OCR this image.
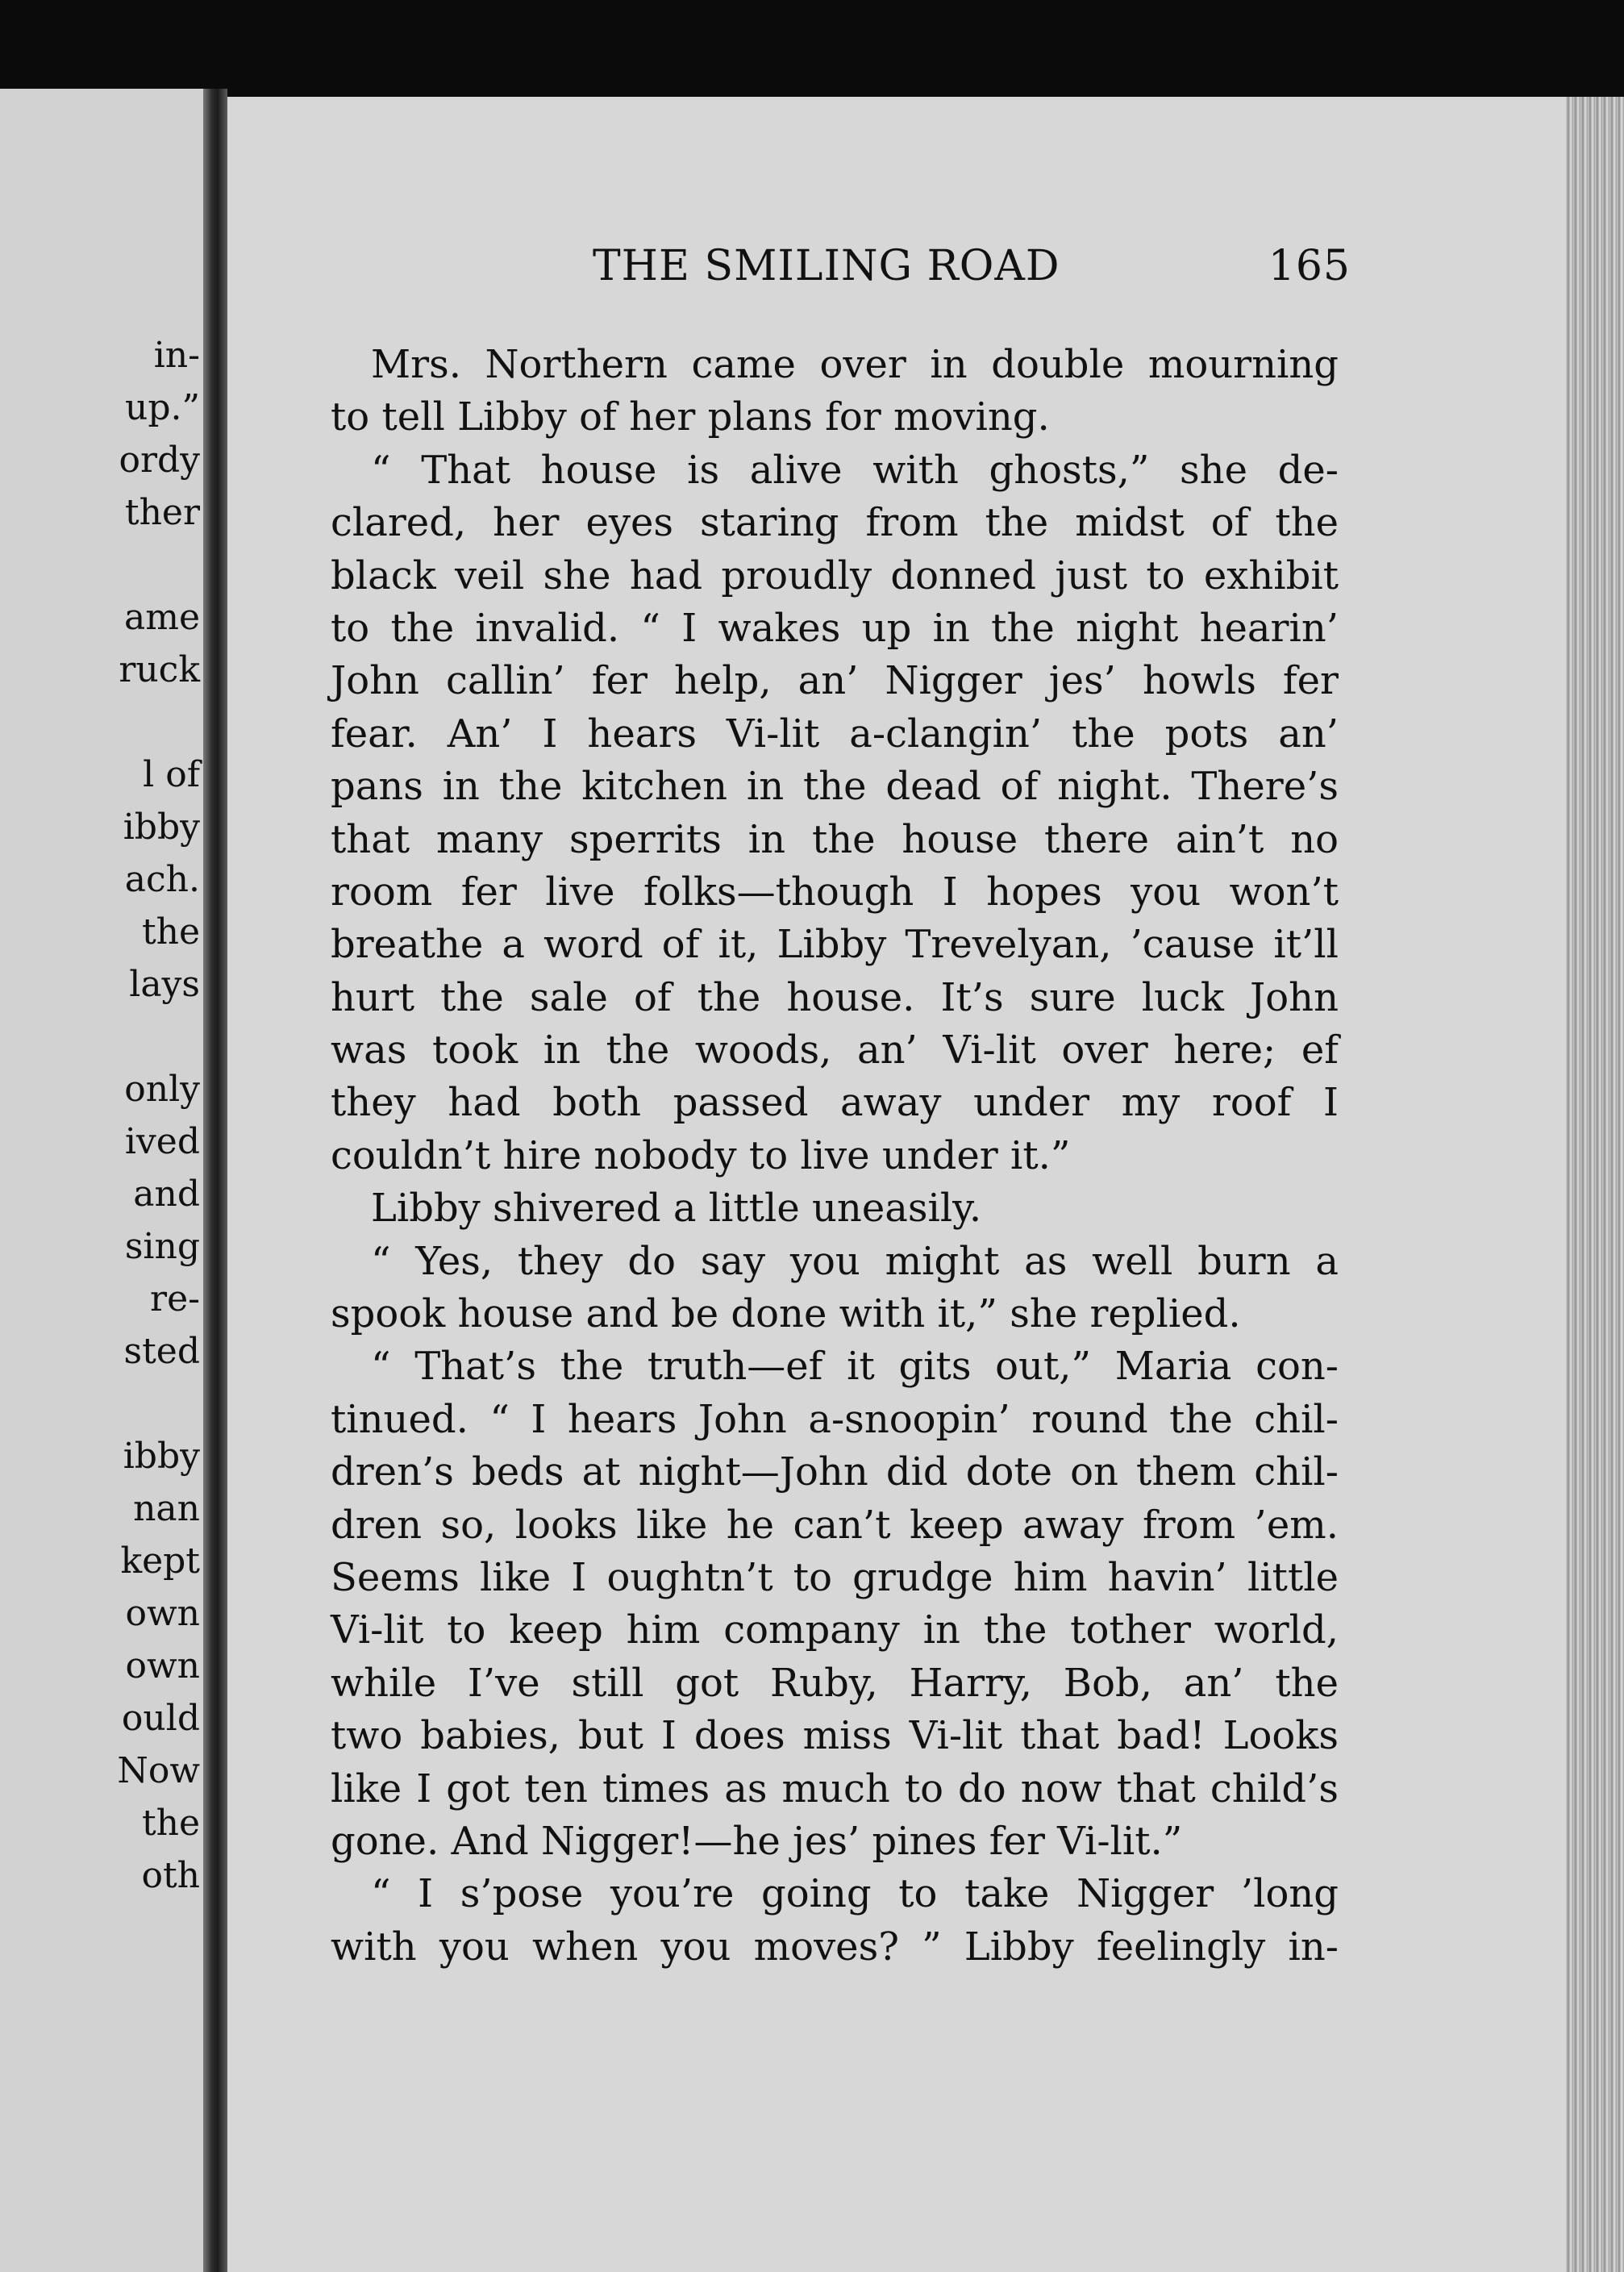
in-
up.”
ordy
ther
ame
ruck
l of
ibby
ach.
the
lays
only
ived
and
sing
re-
sted
ibby
nan
kept
own
own
ould
Now
the
oth
THE SMILING ROAD	165
Mrs. Northern came over in double mourning
to tell Libby of her plans for moving.
“ That house is alive with ghosts,” she de-
clared, her eyes staring from the midst of the
black veil she had proudly donned just to exhibit
to the invalid. “ I wakes up in the night hearin’
John callin’ fer help, an’ Nigger jes’ howls fer
fear. An’ I hears Vi-lit a-clangin’ the pots an’
pans in the kitchen in the dead of night. There’s
that many sperrits in the house there ain’t no
room fer live folks—though I hopes you won’t
breathe a word of it, Libby Trevelyan, ’cause it’ll
hurt the sale of the house. It’s sure luck John
was took in the woods, an’ Vi-lit over here; ef
they had both passed away under my roof I
couldn’t hire nobody to live under it.”
Libby shivered a little uneasily.
“ Yes, they do say you might as well burn a
spook house and be done with it,” she replied.
“ That’s the truth—ef it gits out,” Maria con-
tinued. “ I hears John a-snoopin’ round the chil-
dren’s beds at night—John did dote on them chil-
dren so, looks like he can’t keep away from ’em.
Seems like I oughtn’t to grudge him havin’ little
Vi-lit to keep him company in the tother world,
while I’ve still got Ruby, Harry, Bob, an’ the
two babies, but I does miss Vi-lit that bad! Looks
like I got ten times as much to do now that child’s
gone. And Nigger!—he jes’ pines fer Vi-lit.”
“ I s’pose you’re going to take Nigger ’long
with you when you moves? ” Libby feelingly in-
